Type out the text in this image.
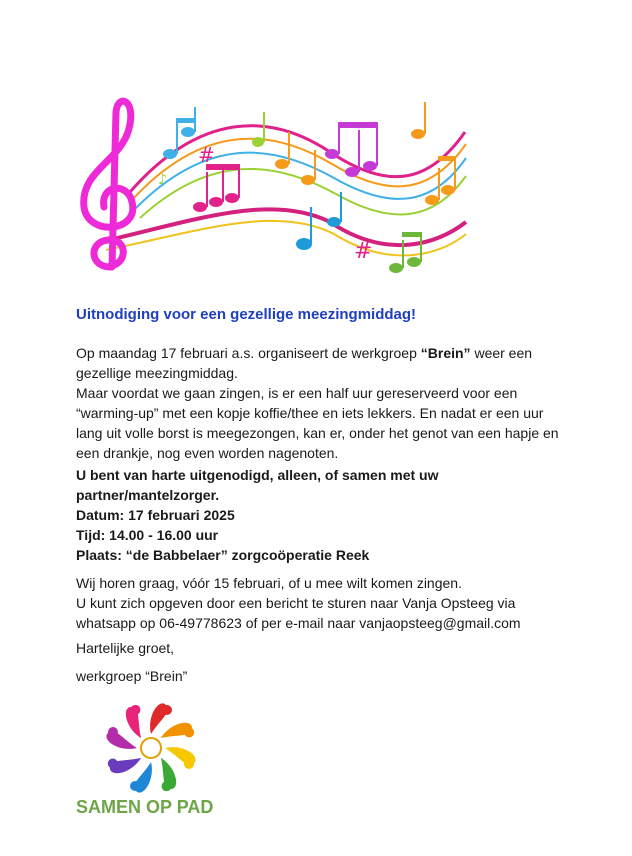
#
#
♪
Uitnodiging voor een gezellige meezingmiddag!

Op maandag 17 februari a.s. organiseert de werkgroep “Brein” weer een gezellige meezingmiddag.
Maar voordat we gaan zingen, is er een half uur gereserveerd voor een “warming-up” met een kopje koffie/thee en iets lekkers. En nadat er een uur lang uit volle borst is meegezongen, kan er, onder het genot van een hapje en een drankje, nog even worden nagenoten.

U bent van harte uitgenodigd, alleen, of samen met uw partner/mantelzorger.
Datum: 17 februari 2025
Tijd: 14.00 - 16.00 uur
Plaats: “de Babbelaer” zorgcoöperatie Reek

Wij horen graag, vóór 15 februari, of u mee wilt komen zingen.
U kunt zich opgeven door een bericht te sturen naar Vanja Opsteeg via whatsapp op 06-49778623 of per e-mail naar vanjaopsteeg@gmail.com

Hartelijke groet,

werkgroep “Brein”

SAMEN OP PAD
